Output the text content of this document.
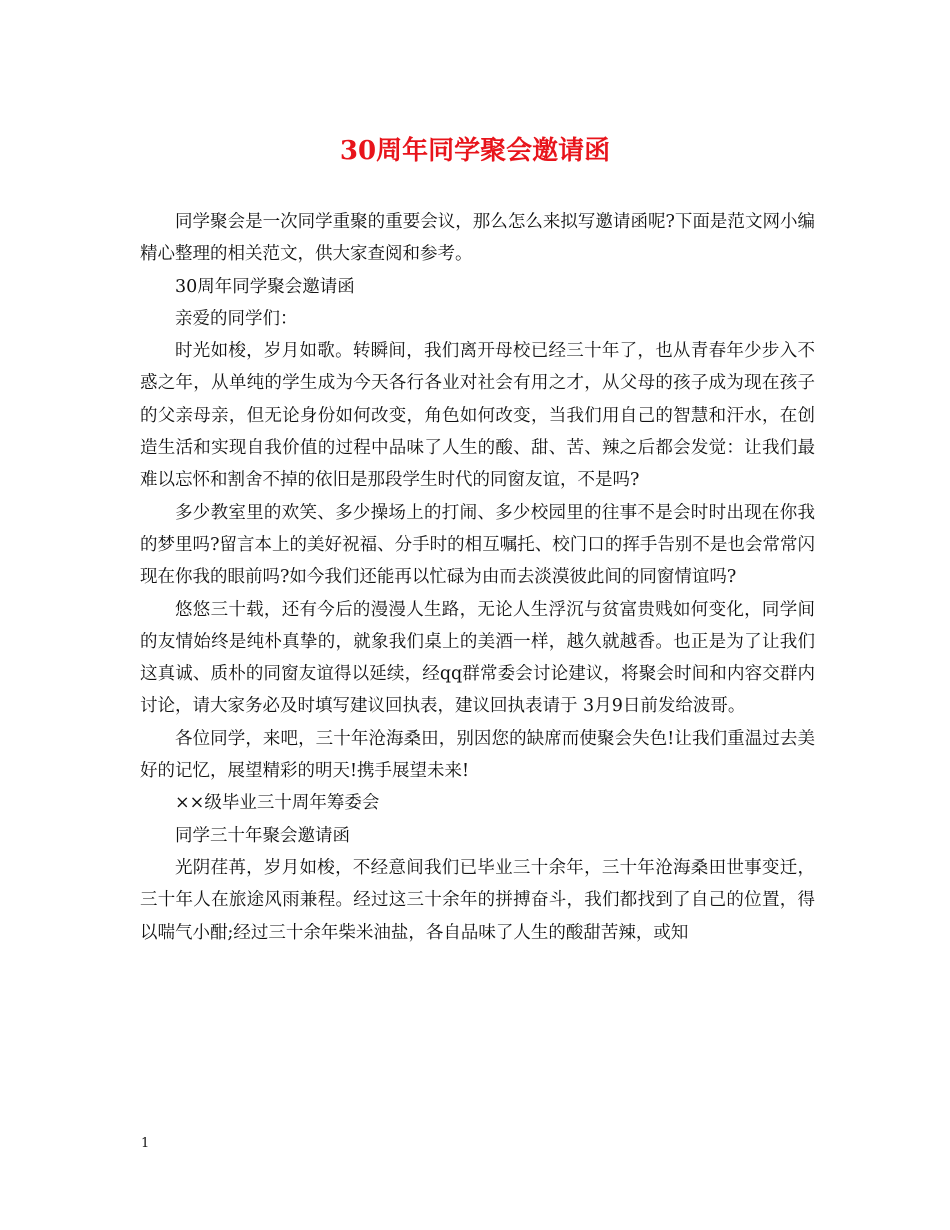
30周年同学聚会邀请函

同学聚会是一次同学重聚的重要会议，那么怎么来拟写邀请函呢?下面是范文网小编精心整理的相关范文，供大家查阅和参考。

30周年同学聚会邀请函

亲爱的同学们：

时光如梭，岁月如歌。转瞬间，我们离开母校已经三十年了，也从青春年少步入不惑之年，从单纯的学生成为今天各行各业对社会有用之才，从父母的孩子成为现在孩子的父亲母亲，但无论身份如何改变，角色如何改变，当我们用自己的智慧和汗水，在创造生活和实现自我价值的过程中品味了人生的酸、甜、苦、辣之后都会发觉：让我们最难以忘怀和割舍不掉的依旧是那段学生时代的同窗友谊，不是吗?

多少教室里的欢笑、多少操场上的打闹、多少校园里的往事不是会时时出现在你我的梦里吗?留言本上的美好祝福、分手时的相互嘱托、校门口的挥手告别不是也会常常闪现在你我的眼前吗?如今我们还能再以忙碌为由而去淡漠彼此间的同窗情谊吗?

悠悠三十载，还有今后的漫漫人生路，无论人生浮沉与贫富贵贱如何变化，同学间的友情始终是纯朴真挚的，就象我们桌上的美酒一样，越久就越香。也正是为了让我们这真诚、质朴的同窗友谊得以延续，经qq群常委会讨论建议，将聚会时间和内容交群内讨论，请大家务必及时填写建议回执表，建议回执表请于 3月9日前发给波哥。

各位同学，来吧，三十年沧海桑田，别因您的缺席而使聚会失色!让我们重温过去美好的记忆，展望精彩的明天!携手展望未来!

××级毕业三十周年筹委会

同学三十年聚会邀请函

光阴荏苒，岁月如梭，不经意间我们已毕业三十余年，三十年沧海桑田世事变迁，三十年人在旅途风雨兼程。经过这三十余年的拼搏奋斗，我们都找到了自己的位置，得以喘气小酣;经过三十余年柴米油盐，各自品味了人生的酸甜苦辣，或知

1
